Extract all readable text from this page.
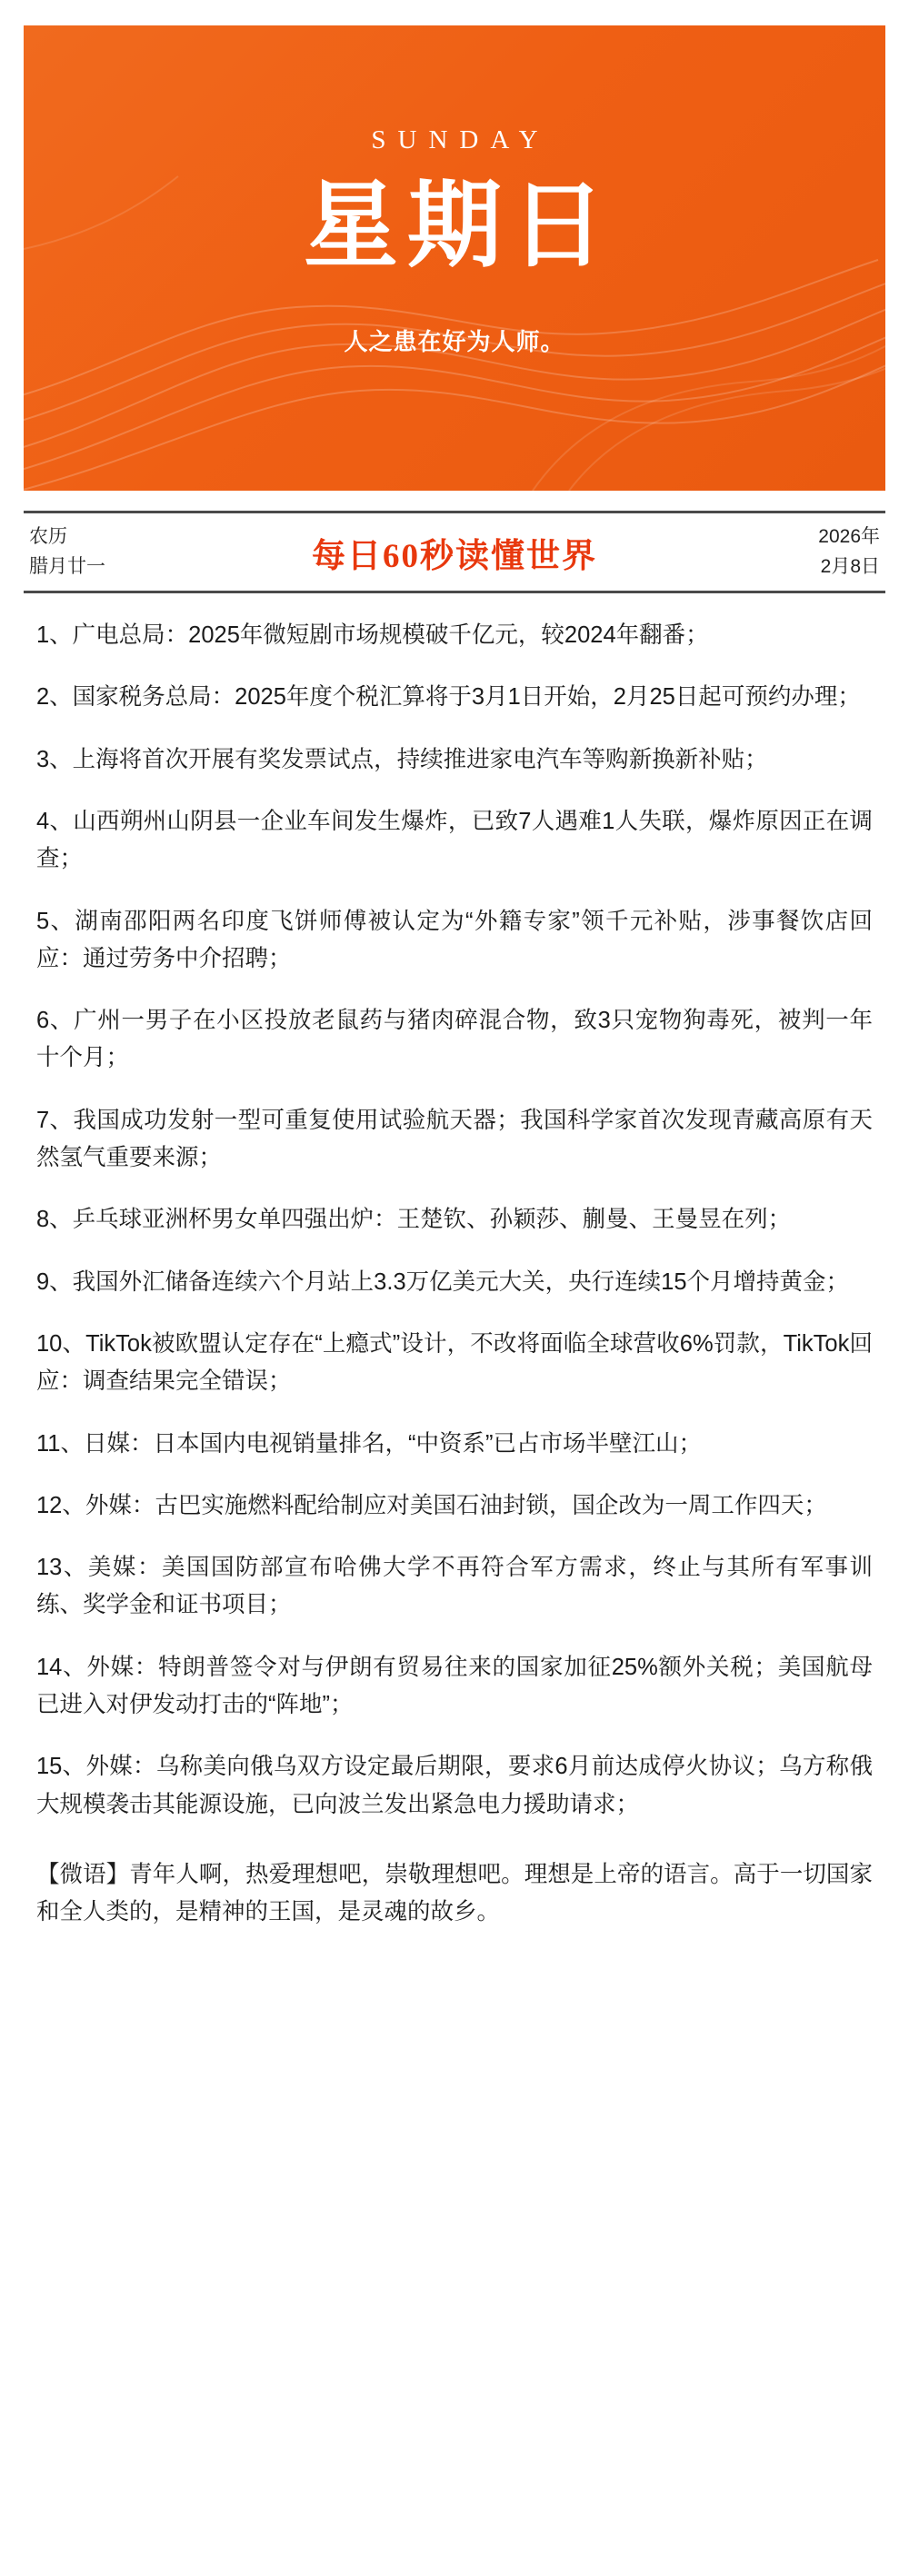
SUNDAY
星期日
人之患在好为人师。
农历
腊月廿一	每日60秒读懂世界
2026年
2月8日
1、广电总局：2025年微短剧市场规模破千亿元，较2024年翻番；
2、国家税务总局：2025年度个税汇算将于3月1日开始，2月25日起可预约办理；
3、上海将首次开展有奖发票试点，持续推进家电汽车等购新换新补贴；
4、山西朔州山阴县一企业车间发生爆炸，已致7人遇难1人失联，爆炸原因正在调查；
5、湖南邵阳两名印度飞饼师傅被认定为“外籍专家”领千元补贴，涉事餐饮店回应：通过劳务中介招聘；
6、广州一男子在小区投放老鼠药与猪肉碎混合物，致3只宠物狗毒死，被判一年十个月；
7、我国成功发射一型可重复使用试验航天器；我国科学家首次发现青藏高原有天然氢气重要来源；
8、乒乓球亚洲杯男女单四强出炉：王楚钦、孙颖莎、蒯曼、王曼昱在列；
9、我国外汇储备连续六个月站上3.3万亿美元大关，央行连续15个月增持黄金；
10、TikTok被欧盟认定存在“上瘾式”设计，不改将面临全球营收6%罚款，TikTok回应：调查结果完全错误；
11、日媒：日本国内电视销量排名，“中资系”已占市场半壁江山；
12、外媒：古巴实施燃料配给制应对美国石油封锁，国企改为一周工作四天；
13、美媒：美国国防部宣布哈佛大学不再符合军方需求，终止与其所有军事训练、奖学金和证书项目；
14、外媒：特朗普签令对与伊朗有贸易往来的国家加征25%额外关税；美国航母已进入对伊发动打击的“阵地”；
15、外媒：乌称美向俄乌双方设定最后期限，要求6月前达成停火协议；乌方称俄大规模袭击其能源设施，已向波兰发出紧急电力援助请求；
【微语】青年人啊，热爱理想吧，崇敬理想吧。理想是上帝的语言。高于一切国家和全人类的，是精神的王国，是灵魂的故乡。
